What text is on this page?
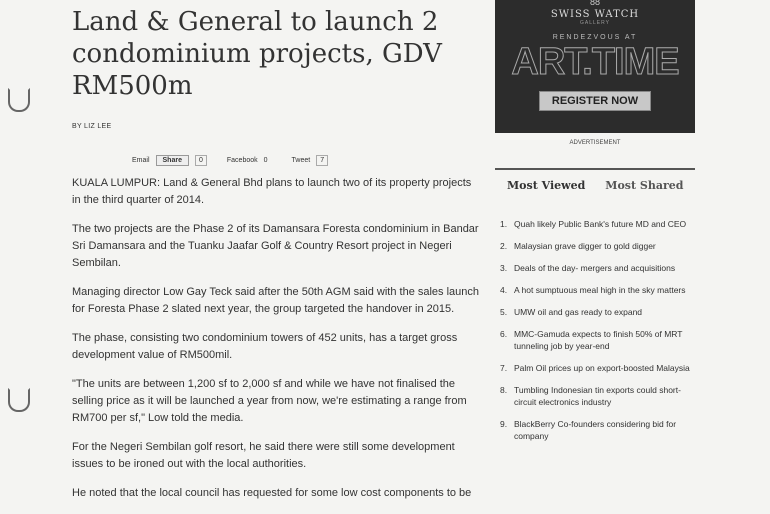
Land & General to launch 2 condominium projects, GDV RM500m
BY LIZ LEE
Email	Share	0	Facebook 0	Tweet	7

KUALA LUMPUR: Land & General Bhd plans to launch two of its property projects in the third quarter of 2014.

The two projects are the Phase 2 of its Damansara Foresta condominium in Bandar Sri Damansara and the Tuanku Jaafar Golf & Country Resort project in Negeri Sembilan.

Managing director Low Gay Teck said after the 50th AGM said with the sales launch for Foresta Phase 2 slated next year, the group targeted the handover in 2015.

The phase, consisting two condominium towers of 452 units, has a target gross development value of RM500mil.

"The units are between 1,200 sf to 2,000 sf and while we have not finalised the selling price as it will be launched a year from now, we're estimating a range from RM700 per sf," Low told the media.

For the Negeri Sembilan golf resort, he said there were still some development issues to be ironed out with the local authorities.

He noted that the local council has requested for some low cost components to be

88
SWISS WATCH
GALLERY
RENDEZVOUS AT
ART.TIME
REGISTER NOW
ADVERTISEMENT
Most Viewed Most Shared
1. Quah likely Public Bank's future MD and CEO
2. Malaysian grave digger to gold digger
3. Deals of the day- mergers and acquisitions
4. A hot sumptuous meal high in the sky matters
5. UMW oil and gas ready to expand
6. MMC-Gamuda expects to finish 50% of MRT tunneling job by year-end
7. Palm Oil prices up on export-boosted Malaysia
8. Tumbling Indonesian tin exports could short-circuit electronics industry
9. BlackBerry Co-founders considering bid for company
